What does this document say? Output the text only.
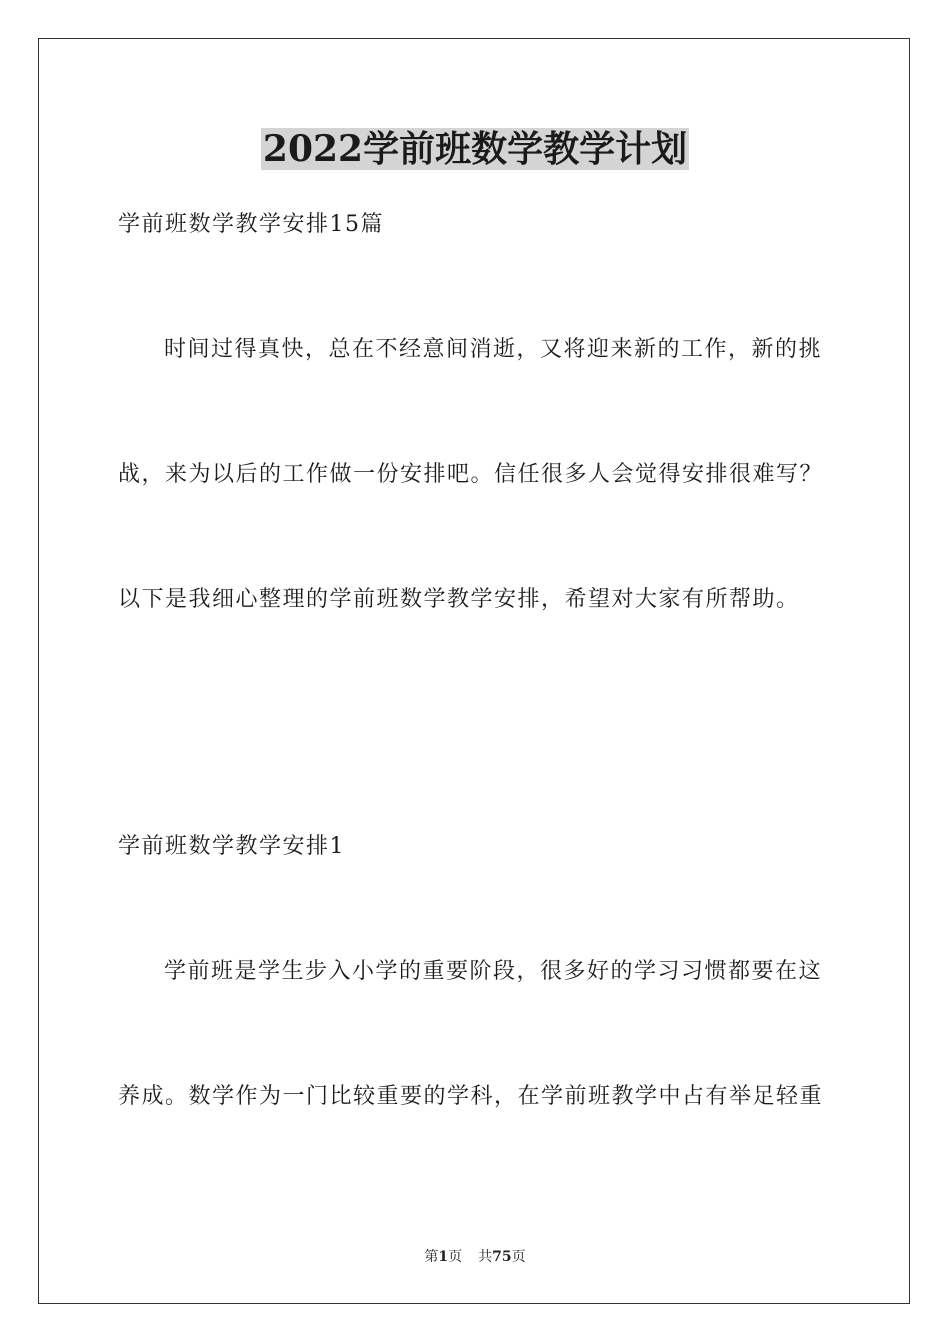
2022学前班数学教学计划
学前班数学教学安排15篇
时间过得真快，总在不经意间消逝，又将迎来新的工作，新的挑
战，来为以后的工作做一份安排吧。信任很多人会觉得安排很难写？
以下是我细心整理的学前班数学教学安排，希望对大家有所帮助。
学前班数学教学安排1
学前班是学生步入小学的重要阶段，很多好的学习习惯都要在这
养成。数学作为一门比较重要的学科，在学前班教学中占有举足轻重
第1页 共75页
